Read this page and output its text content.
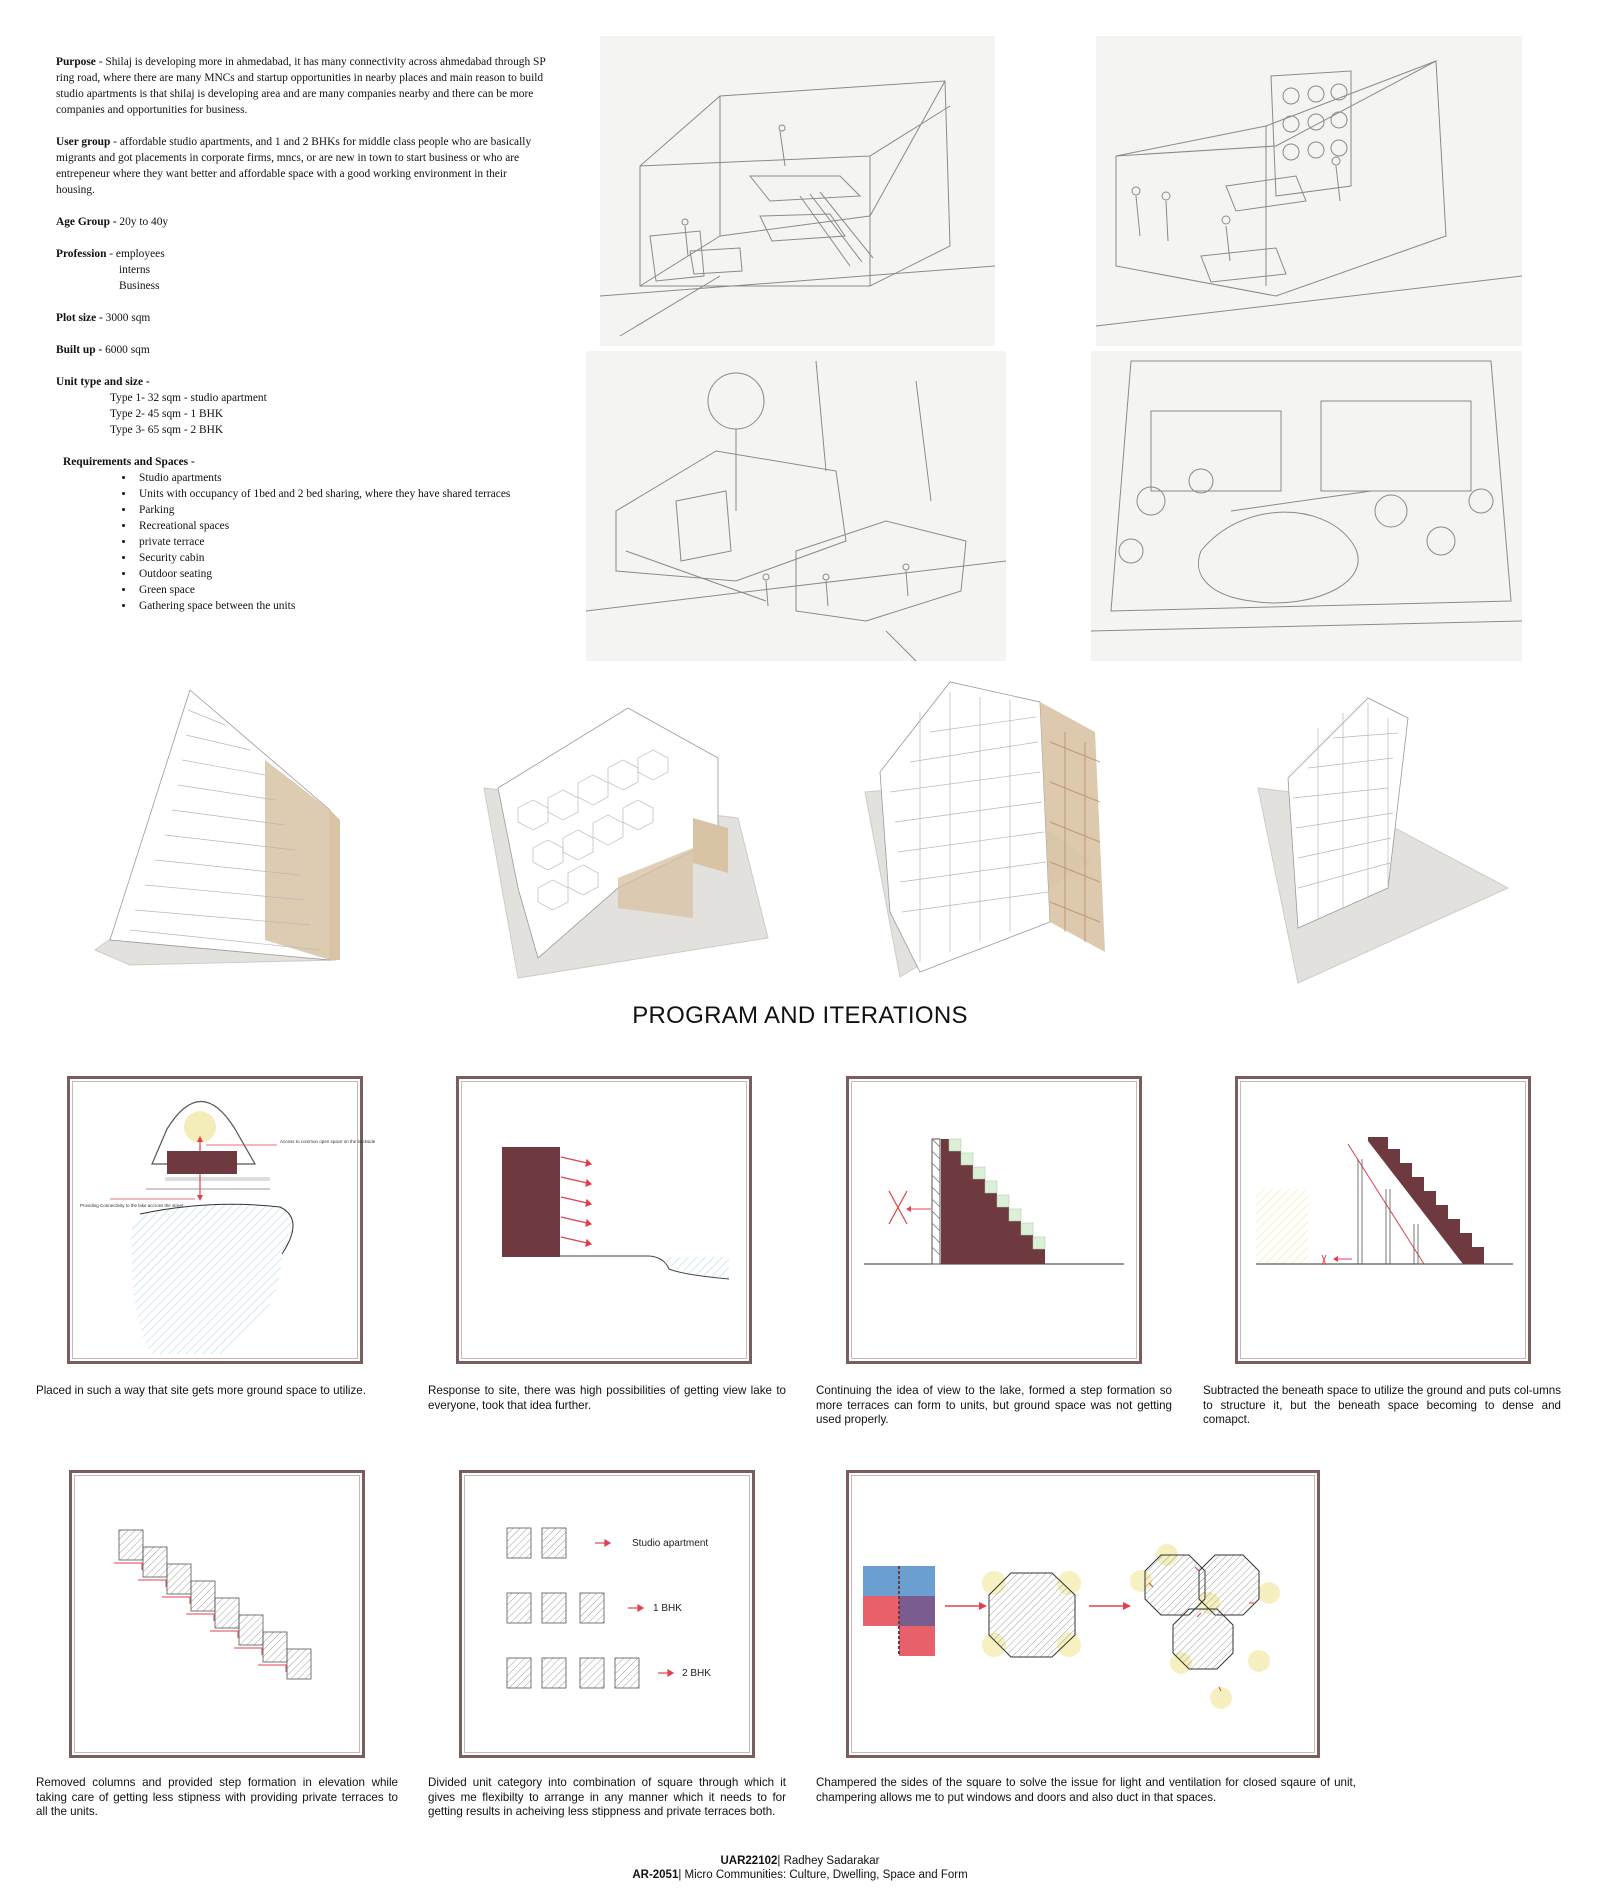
Purpose - Shilaj is developing more in ahmedabad, it has many connectivity across ahmedabad through SP ring road, where there are many MNCs and startup opportunities in nearby places and main reason to build studio apartments is that shilaj is developing area and are many companies nearby and there can be more companies and opportunities for business.

User group - affordable studio apartments, and 1 and 2 BHKs for middle class people who are basically migrants and got placements in corporate firms, mncs, or are new in town to start business or who are entrepeneur where they want better and affordable space with a good working environment in their housing.

Age Group - 20y to 40y

Profession - employees
interns
Business

Plot size - 3000 sqm

Built up - 6000 sqm

Unit type and size -
Type 1- 32 sqm - studio apartment
Type 2- 45 sqm - 1 BHK
Type 3- 65 sqm - 2 BHK

Requirements and Spaces -
• Studio apartments
• Units with occupancy of 1bed and 2 bed sharing, where they have shared terraces
• Parking
• Recreational spaces
• private terrace
• Security cabin
• Outdoor seating
• Green space
• Gathering space between the units
PROGRAM AND ITERATIONS
Access to commun open space on the backside
Providing Connectivity to the lake accross the street
Placed in such a way that site gets more ground space to utilize.	Response to site, there was high possibilities of getting view lake to everyone, took that idea further.
Continuing the idea of view to the lake, formed a step formation so more terraces can form to units, but ground space was not getting used properly.
Subtracted the beneath space to utilize the ground and puts col-umns to structure it, but the beneath space becoming to dense and comapct.
Studio apartment
1 BHK
2 BHK
Removed columns and provided step formation in elevation while taking care of getting less stipness with providing private terraces to all the units.
Divided unit category into combination of square through which it gives me flexibilty to arrange in any manner which it needs to for getting results in acheiving less stippness and private terraces both.
Champered the sides of the square to solve the issue for light and ventilation for closed sqaure of unit, champering allows me to put windows and doors and also duct in that spaces.
UAR22102| Radhey Sadarakar
AR-2051| Micro Communities: Culture, Dwelling, Space and Form
